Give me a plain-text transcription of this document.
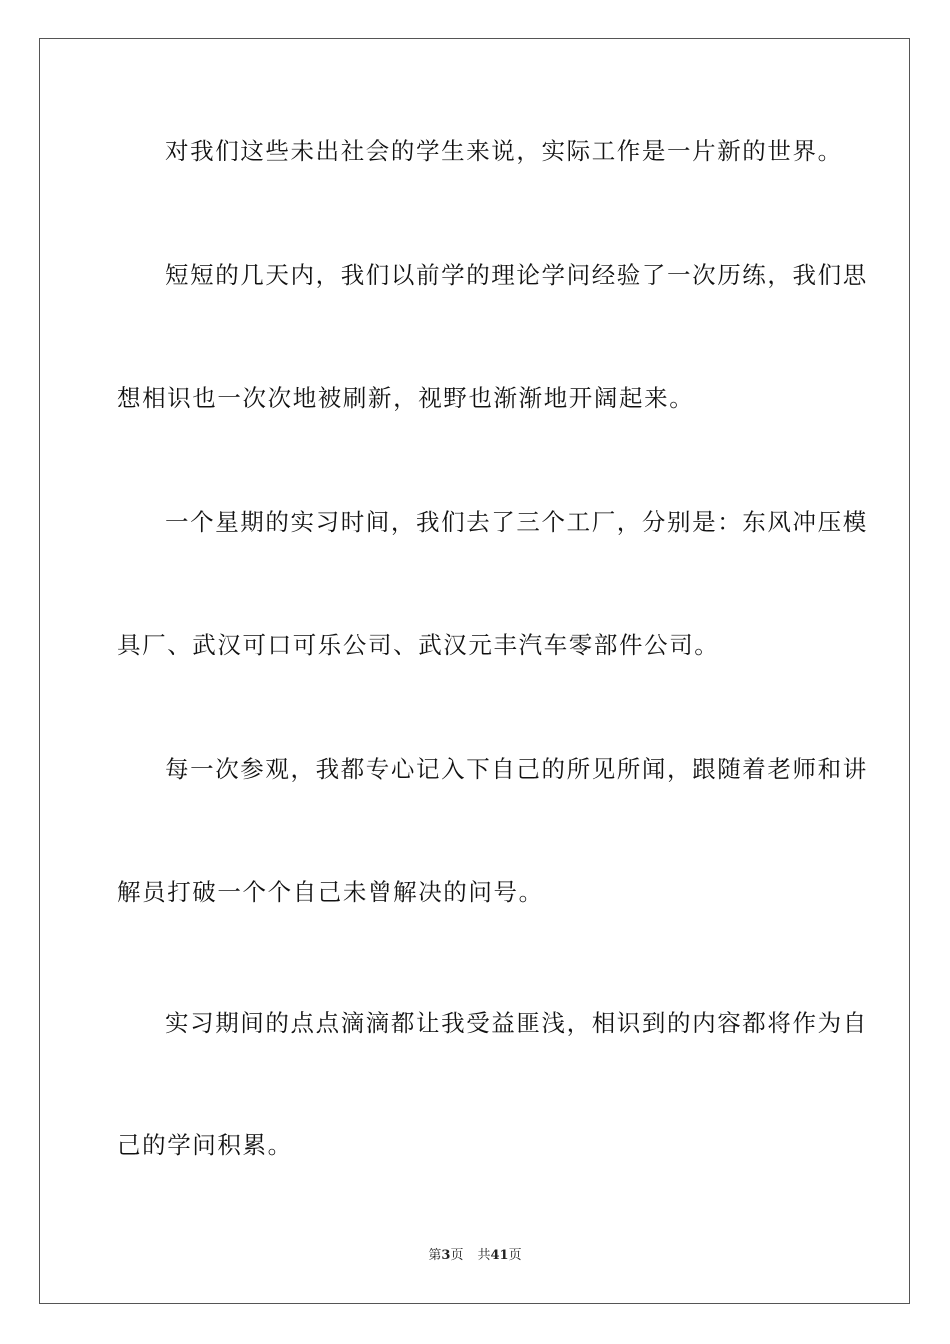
对我们这些未出社会的学生来说，实际工作是一片新的世界。
短短的几天内，我们以前学的理论学问经验了一次历练，我们思
想相识也一次次地被刷新，视野也渐渐地开阔起来。
一个星期的实习时间，我们去了三个工厂，分别是：东风冲压模
具厂、武汉可口可乐公司、武汉元丰汽车零部件公司。
每一次参观，我都专心记入下自己的所见所闻，跟随着老师和讲
解员打破一个个自己未曾解决的问号。
实习期间的点点滴滴都让我受益匪浅，相识到的内容都将作为自
己的学问积累。
第3页 共41页
